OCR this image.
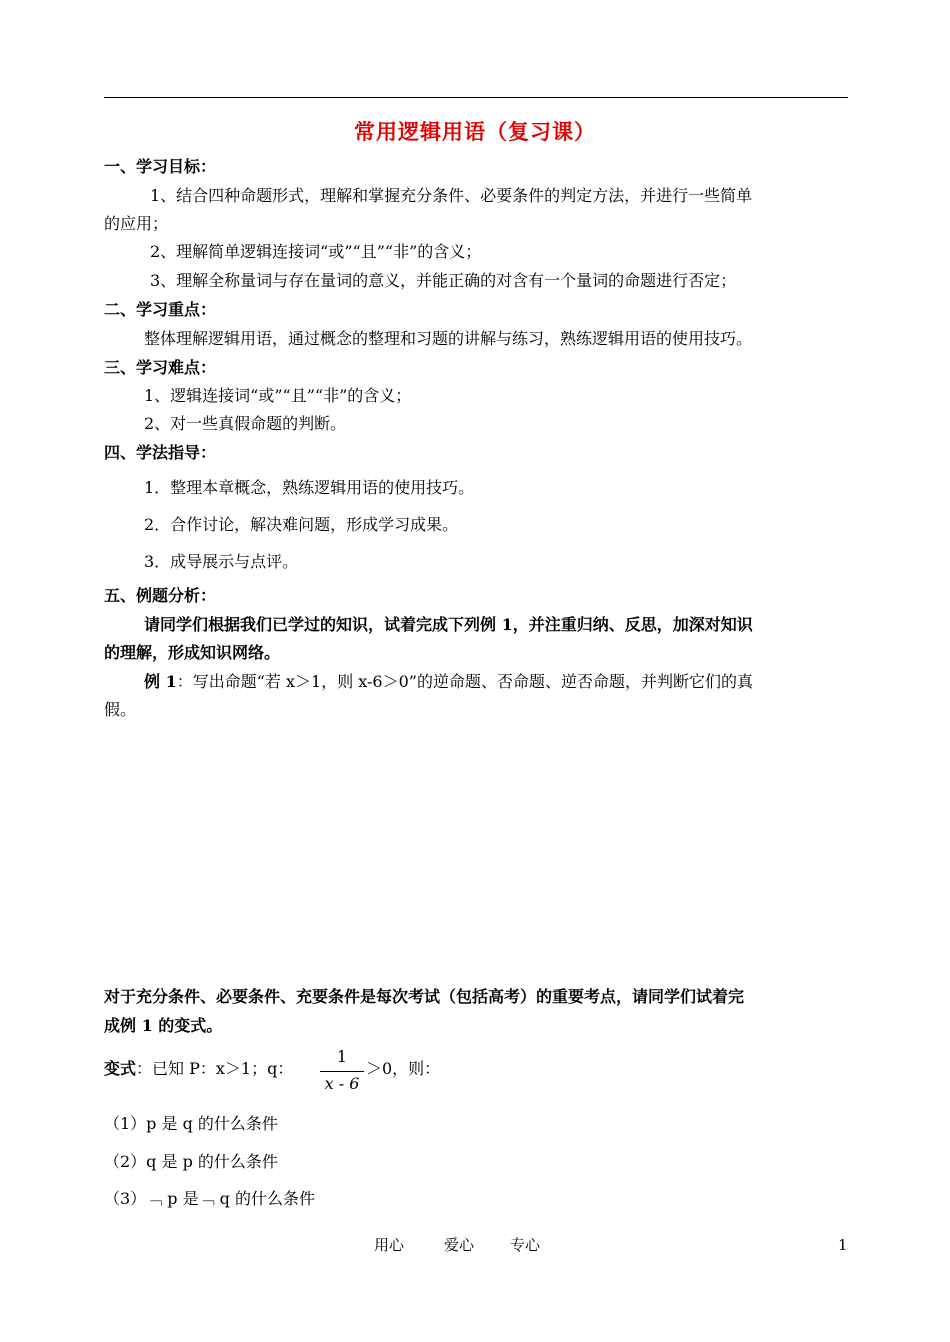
常用逻辑用语（复习课）
一、学习目标：
1、结合四种命题形式，理解和掌握充分条件、必要条件的判定方法，并进行一些简单
的应用；
2、理解简单逻辑连接词“或”“且”“非”的含义；
3、理解全称量词与存在量词的意义，并能正确的对含有一个量词的命题进行否定；
二、学习重点：
整体理解逻辑用语，通过概念的整理和习题的讲解与练习，熟练逻辑用语的使用技巧。
三、学习难点：
1、逻辑连接词“或”“且”“非”的含义；
2、对一些真假命题的判断。
四、学法指导：
1．整理本章概念，熟练逻辑用语的使用技巧。
2．合作讨论，解决难问题，形成学习成果。
3．成导展示与点评。
五、例题分析：
请同学们根据我们已学过的知识，试着完成下列例 1，并注重归纳、反思，加深对知识
的理解，形成知识网络。
例 1：写出命题“若 x＞1，则 x-6＞0”的逆命题、否命题、逆否命题，并判断它们的真
假。
对于充分条件、必要条件、充要条件是每次考试（包括高考）的重要考点，请同学们试着完
成例 1 的变式。
变式：已知 P：x＞1；q：
1
x - 6
＞0，则：
（1）p 是 q 的什么条件
（2）q 是 p 的什么条件
（3）﹁ p 是﹁ q 的什么条件
用心	爱心 专心	1
